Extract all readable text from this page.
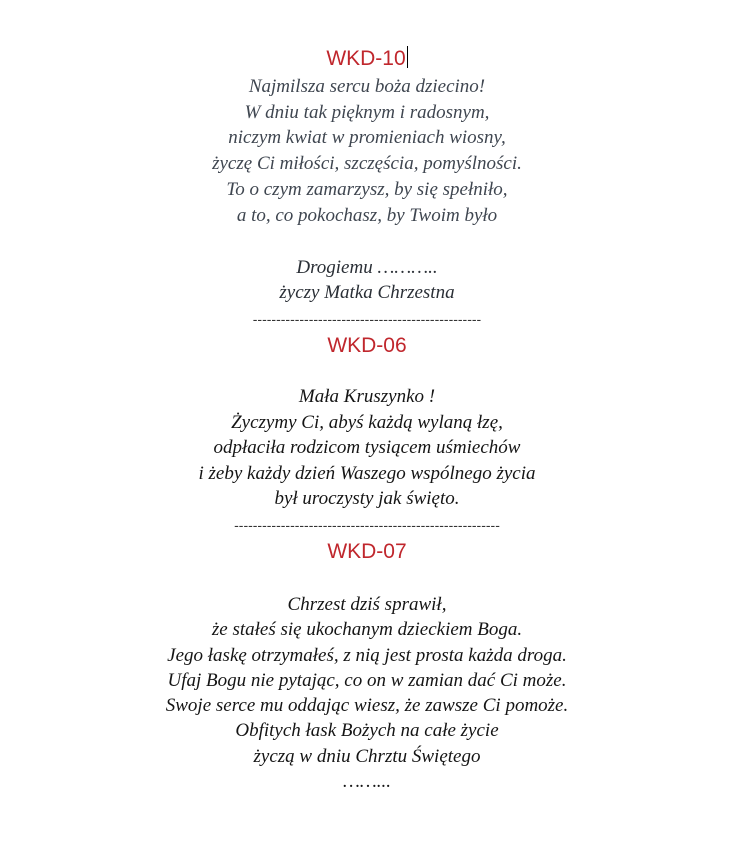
WKD-10
Najmilsza sercu boża dziecino!
W dniu tak pięknym i radosnym,
niczym kwiat w promieniach wiosny,
życzę Ci miłości, szczęścia, pomyślności.
To o czym zamarzysz, by się spełniło,
a to, co pokochasz, by Twoim było
Drogiemu ………..
życzy Matka Chrzestna
-------------------------------------------------
WKD-06
Mała Kruszynko !
Życzymy Ci, abyś każdą wylaną łzę,
odpłaciła rodzicom tysiącem uśmiechów
i żeby każdy dzień Waszego wspólnego życia
był uroczysty jak święto.
---------------------------------------------------------
WKD-07
Chrzest dziś sprawił,
że stałeś się ukochanym dzieckiem Boga.
Jego łaskę otrzymałeś, z nią jest prosta każda droga.
Ufaj Bogu nie pytając, co on w zamian dać Ci może.
Swoje serce mu oddając wiesz, że zawsze Ci pomoże.
Obfitych łask Bożych na całe życie
życzą w dniu Chrztu Świętego
……...
